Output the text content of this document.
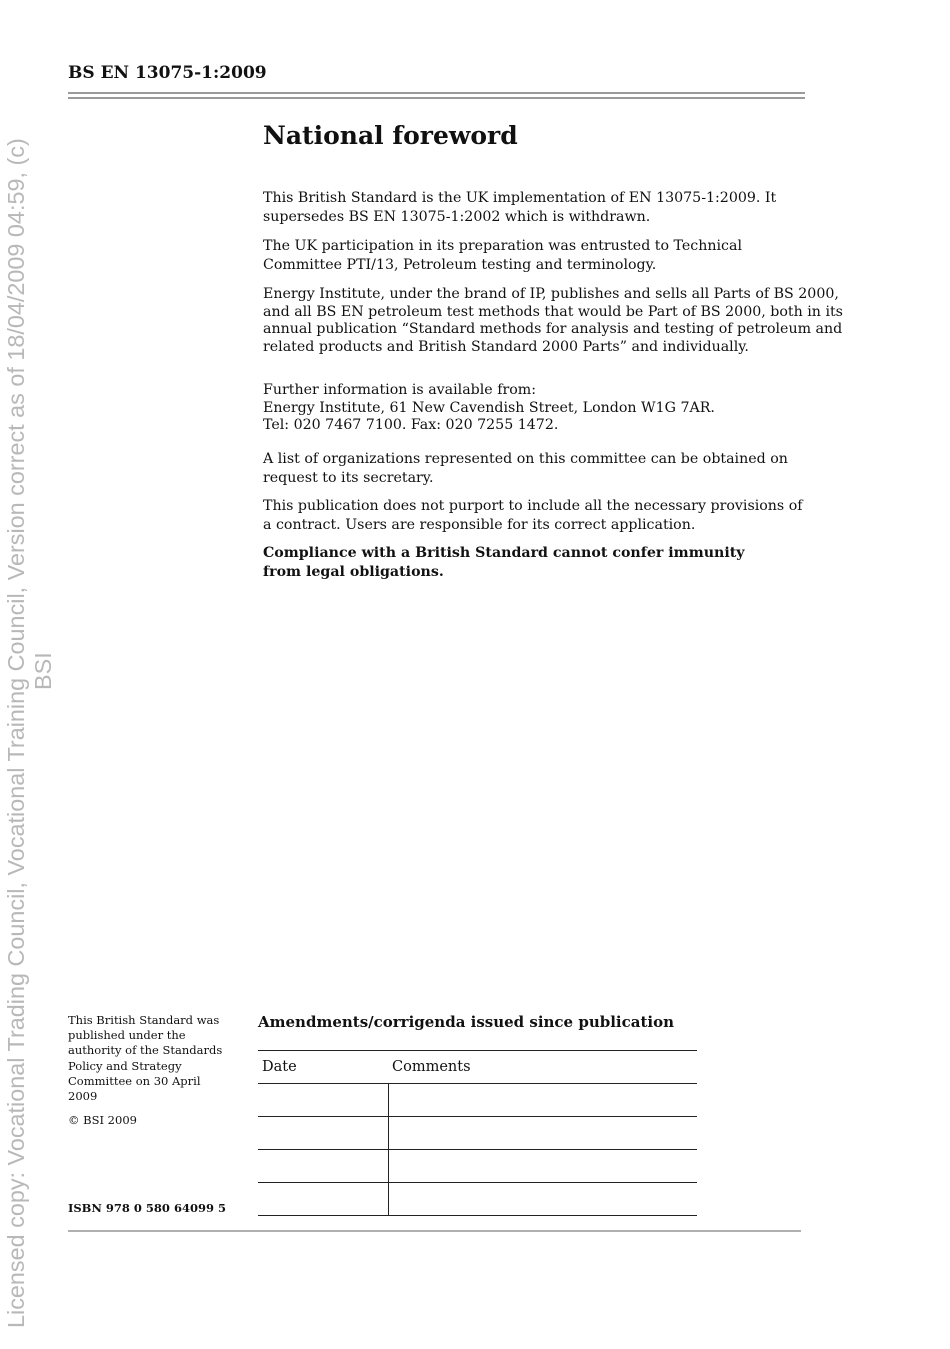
Licensed copy: Vocational Trading Council, Vocational Training Council, Version correct as of 18/04/2009 04:59, (c) BSI
BS EN 13075-1:2009
National foreword

This British Standard is the UK implementation of EN 13075-1:2009. It supersedes BS EN 13075-1:2002 which is withdrawn.

The UK participation in its preparation was entrusted to Technical Committee PTI/13, Petroleum testing and terminology.

Energy Institute, under the brand of IP, publishes and sells all Parts of BS 2000, and all BS EN petroleum test methods that would be Part of BS 2000, both in its annual publication “Standard methods for analysis and testing of petroleum and related products and British Standard 2000 Parts” and individually.

Further information is available from:

Energy Institute, 61 New Cavendish Street, London W1G 7AR.

Tel: 020 7467 7100. Fax: 020 7255 1472.

A list of organizations represented on this committee can be obtained on request to its secretary.

This publication does not purport to include all the necessary provisions of a contract. Users are responsible for its correct application.

Compliance with a British Standard cannot confer immunity from legal obligations.

This British Standard was published under the authority of the Standards Policy and Strategy Committee on 30 April 2009

© BSI 2009

ISBN 978 0 580 64099 5

Amendments/corrigenda issued since publication
Date	Comments
